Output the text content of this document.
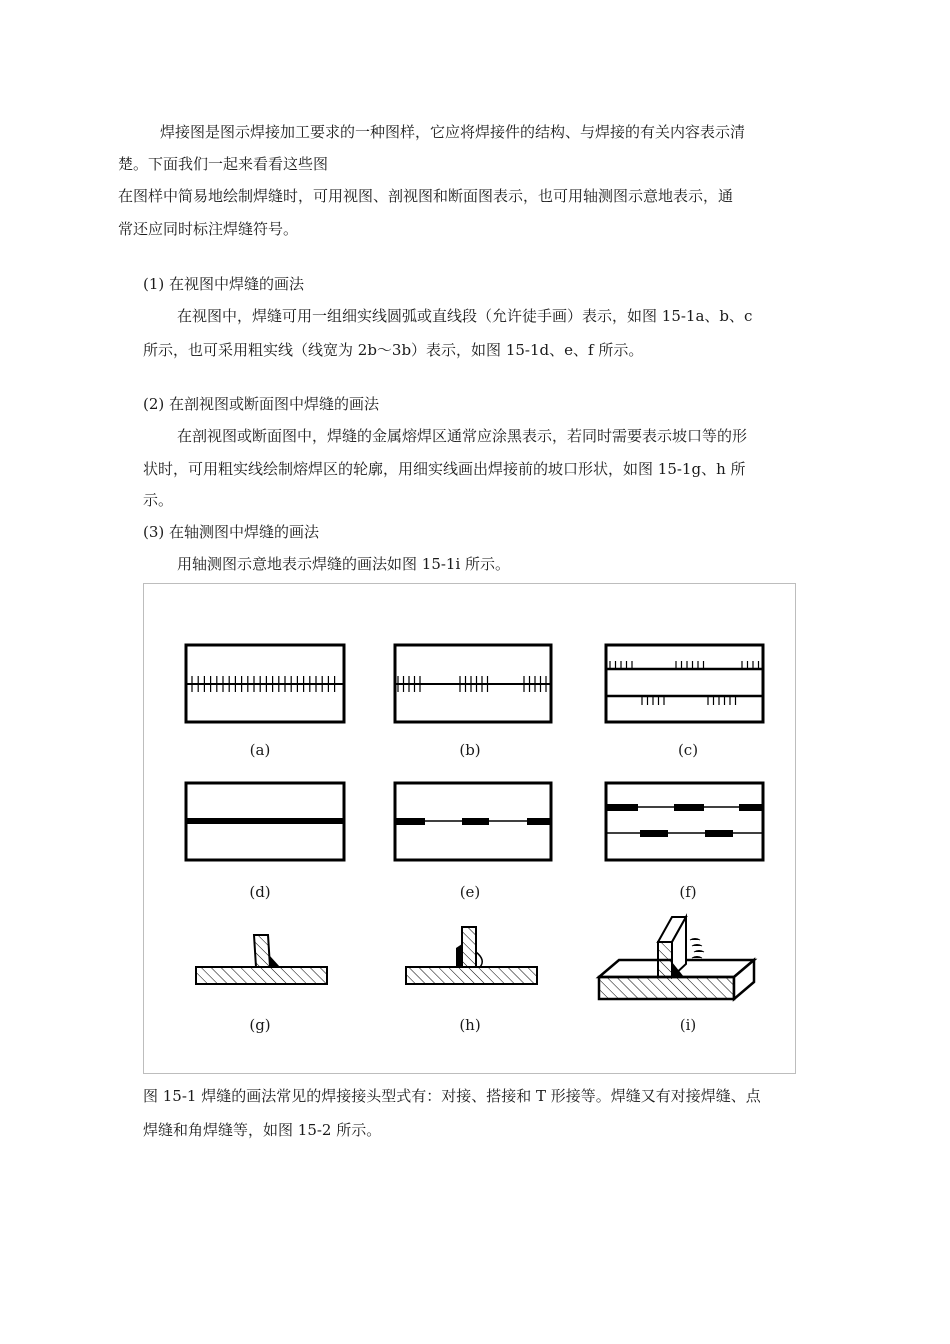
焊接图是图示焊接加工要求的一种图样，它应将焊接件的结构、与焊接的有关内容表示清
楚。下面我们一起来看看这些图
在图样中简易地绘制焊缝时，可用视图、剖视图和断面图表示，也可用轴测图示意地表示，通
常还应同时标注焊缝符号。
(1) 在视图中焊缝的画法
在视图中，焊缝可用一组细实线圆弧或直线段（允许徒手画）表示，如图 15-1a、b、c
所示，也可采用粗实线（线宽为 2b～3b）表示，如图 15-1d、e、f 所示。
(2) 在剖视图或断面图中焊缝的画法
在剖视图或断面图中，焊缝的金属熔焊区通常应涂黑表示，若同时需要表示坡口等的形
状时，可用粗实线绘制熔焊区的轮廓，用细实线画出焊接前的坡口形状，如图 15-1g、h 所
示。
(3) 在轴测图中焊缝的画法
用轴测图示意地表示焊缝的画法如图 15-1i 所示。
(a)	(b)	(c)
(d)	(e)	(f)
(g)	(h)	(i)
图 15-1 焊缝的画法常见的焊接接头型式有：对接、搭接和 T 形接等。焊缝又有对接焊缝、点
焊缝和角焊缝等，如图 15-2 所示。
